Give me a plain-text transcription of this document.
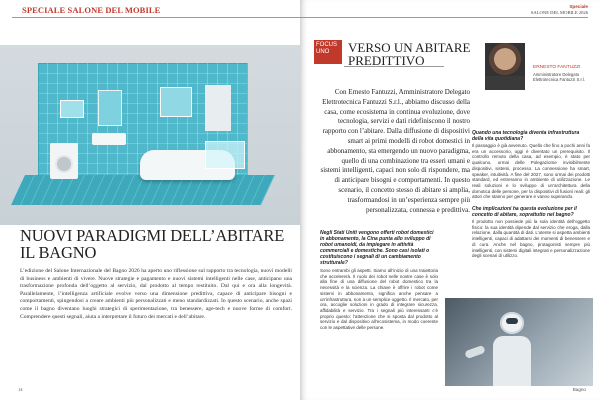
SPECIALE SALONE DEL MOBILE
NUOVI PARADIGMI DELL’ABITARE IL BAGNO
L’edizione del Salone Internazionale del Bagno 2026 ha aperto uno riflessione sul rapporto tra tecnologia, nuovi modelli di business e ambienti di vivere. Nuove strategie e pagamento e nuovi sistemi intelligenti nelle case, anticipano una trasformazione profonda dell’oggetto al servizio, dal prodotto al tempo restituito. Dal qui e ora alla longevità. Parallelamente, l’intelligenza artificiale evolve verso una dimensione predittiva, capace di anticipare bisogni e comportamenti, spingendosi a creare ambienti più personalizzati e meno standardizzati. In questo scenario, anche spazi come il bagno diventano luoghi strategici di sperimentazione, tra benessere, age-tech e nuove forme di comfort. Comprendere questi segnali, aiuta a interpretare il futuro dei mercati e dell’abitare.
14
Speciale
SALONE DEL MOBILE 2026
FOCUS UNO	VERSO UN ABITARE PREDITTIVO	ERNESTO FANTUZZI
Amministratore Delegato Elettrotecnica Fantuzzi S.r.l.
Con Ernesto Fantuzzi, Amministratore Delegato Elettrotecnica Fantuzzi S.r.l., abbiamo discusso della casa, come ecosistema in continua evoluzione, dove tecnologia, servizi e dati ridefiniscono il nostro rapporto con l’abitare. Dalla diffusione di dispositivi smart ai primi modelli di robot domestici in abbonamento, sta emergendo un nuovo paradigma, quello di una combinazione tra esseri umani e sistemi intelligenti, capaci non solo di rispondere, ma di anticipare bisogni e comportamenti. In questo scenario, il concetto stesso di abitare si amplia, trasformandosi in un’esperienza sempre più personalizzata, connessa e predittiva.
Quando una tecnologia diventa infrastruttura della vita quotidiana?
Il passaggio è già avvenuto. Quello che fino a pochi anni fa era un accessorio, oggi è diventato un prerequisito. Il controllo remoto della casa, ad esempio, è stato per qualcuno, ormai delle Polegaziome invisibilmente dispositivi, sistemi, processo. La connessione ha smart, speaker, intuitività. A fine del 2027, sono ormai dei prodotti standard, ed entreranno in ambiente di utilizzazione. Le reali soluzioni e lo sviluppo di un’architettura della domotica delle persone, per la dispositivi di fusioni reali: gli attori che stanno per generare e vanno superando.
Che implicazioni ha questa evoluzione per il concetto di abitare, soprattutto nel bagno?
Il prodotto non possiede più la sola identità dell’oggetto fisico: la sua identità dipende dal servizio che eroga, dalla relazione, dalla quantità di dati. L’utente si aspetta ambienti intelligenti, capaci di adattarsi dei momenti di benessere e di cura. Anche nel bagno, protagonisti sempre più intelligenti, con sistemi digitali integrati e personalizzazione degli scenari di utilizzo.
Negli Stati Uniti vengono offerti robot domestici in abbonamento, la Cina punta allo sviluppo di robot umanoidi, da impiegare in attività commerciali e domestiche. Sono casi isolati o costituiscono i segnali di un cambiamento strutturale?
Sono entrambi gli aspetti. Siamo all’inizio di una traiettoria che accelererà. Il ruolo dei robot nelle nostre case è solo alla fine di una diffusione del robot domestico tra la necessità e la scienza. La chiave è offrire i robot come sistemi in abbonamento, significa anche pensare a un’infrastruttura, non a un semplice oggetto. Il mercato, per ora, accoglie soluzioni in grado di integrare sicurezza, affidabilità e servizio. Tra i segnali più interessanti c’è proprio questo: l’attenzione che si sposta dal prodotto al servizio e dal dispositivo all’ecosistema, in modo coerente con le aspettative delle persone.
Bagno
